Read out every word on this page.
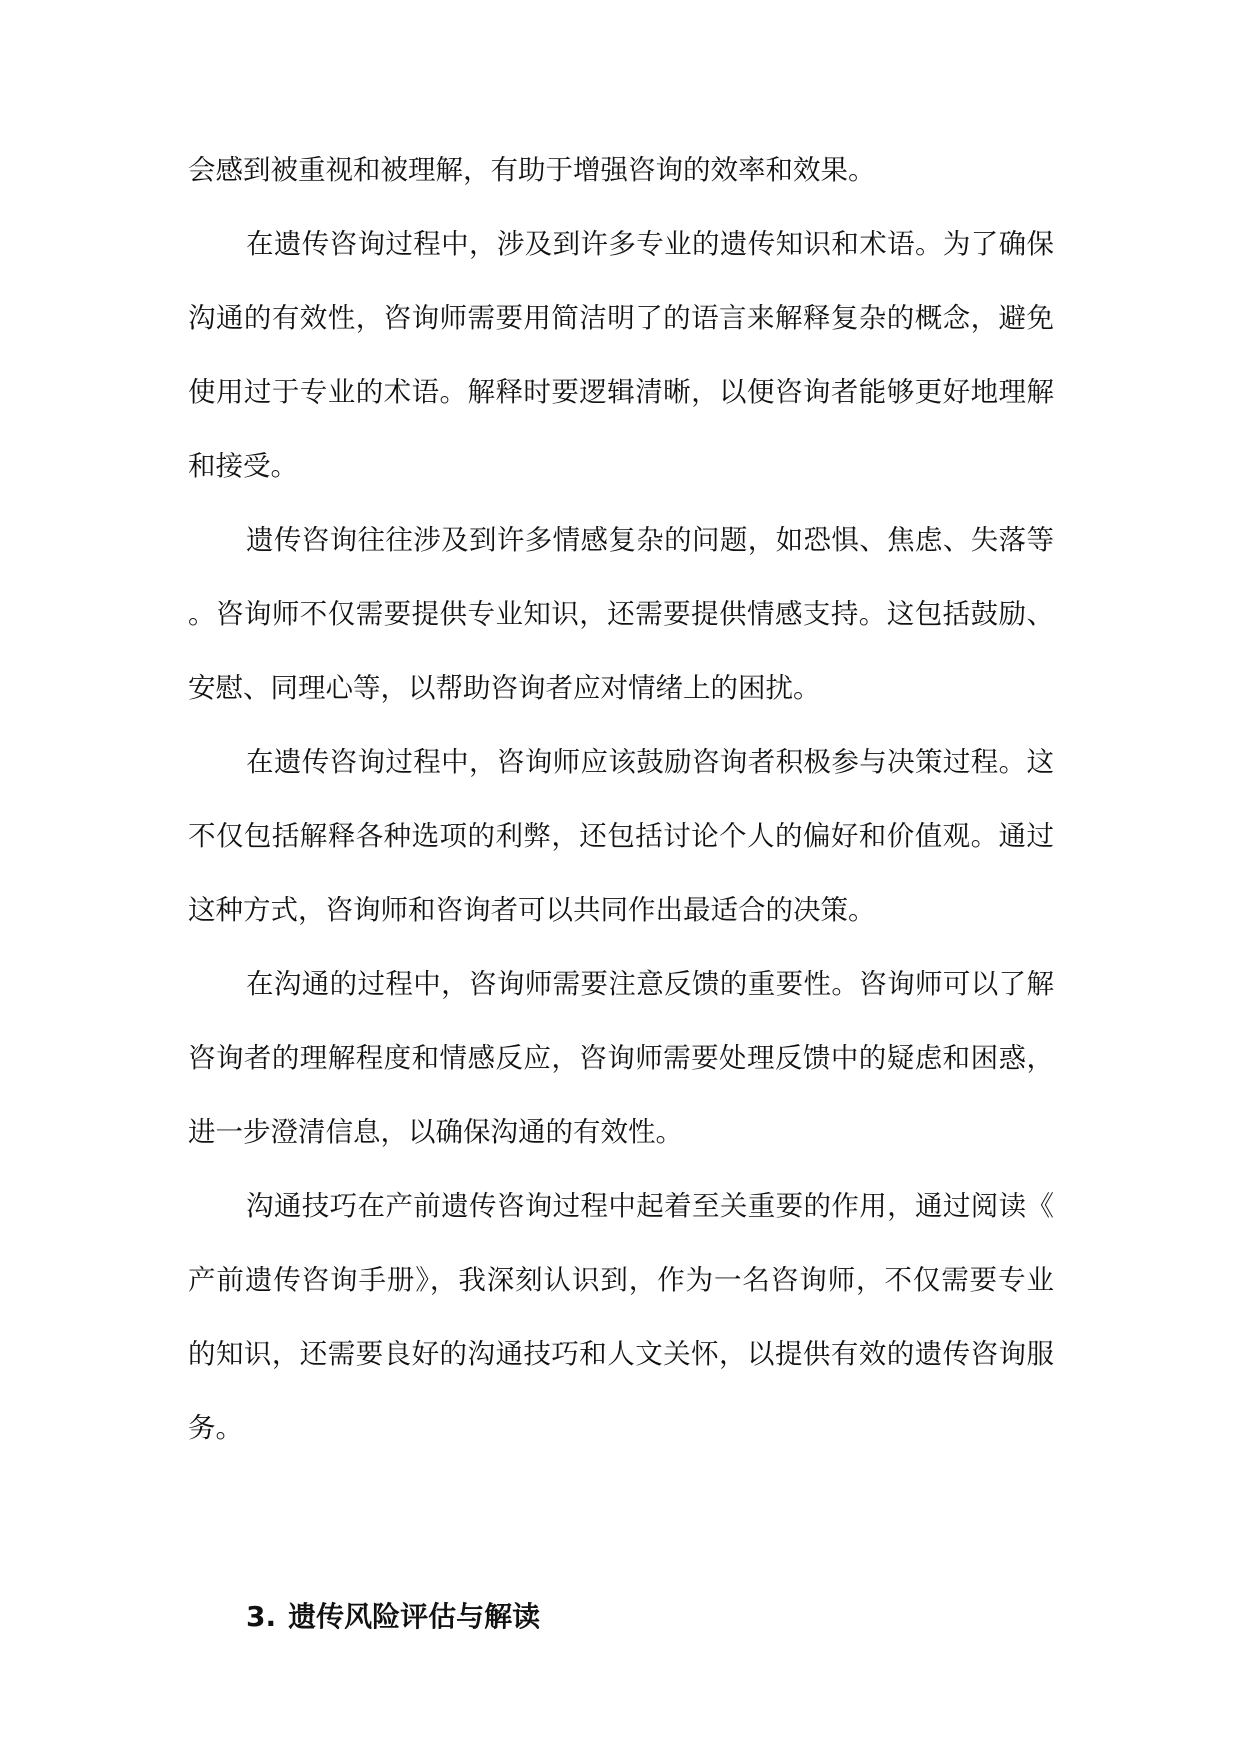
会感到被重视和被理解，有助于增强咨询的效率和效果。

在遗传咨询过程中，涉及到许多专业的遗传知识和术语。为了确保沟通的有效性，咨询师需要用简洁明了的语言来解释复杂的概念，避免使用过于专业的术语。解释时要逻辑清晰，以便咨询者能够更好地理解和接受。

遗传咨询往往涉及到许多情感复杂的问题，如恐惧、焦虑、失落等。咨询师不仅需要提供专业知识，还需要提供情感支持。这包括鼓励、安慰、同理心等，以帮助咨询者应对情绪上的困扰。

在遗传咨询过程中，咨询师应该鼓励咨询者积极参与决策过程。这不仅包括解释各种选项的利弊，还包括讨论个人的偏好和价值观。通过这种方式，咨询师和咨询者可以共同作出最适合的决策。

在沟通的过程中，咨询师需要注意反馈的重要性。咨询师可以了解咨询者的理解程度和情感反应，咨询师需要处理反馈中的疑虑和困惑，进一步澄清信息，以确保沟通的有效性。

沟通技巧在产前遗传咨询过程中起着至关重要的作用，通过阅读《产前遗传咨询手册》，我深刻认识到，作为一名咨询师，不仅需要专业的知识，还需要良好的沟通技巧和人文关怀，以提供有效的遗传咨询服务。

3. 遗传风险评估与解读
